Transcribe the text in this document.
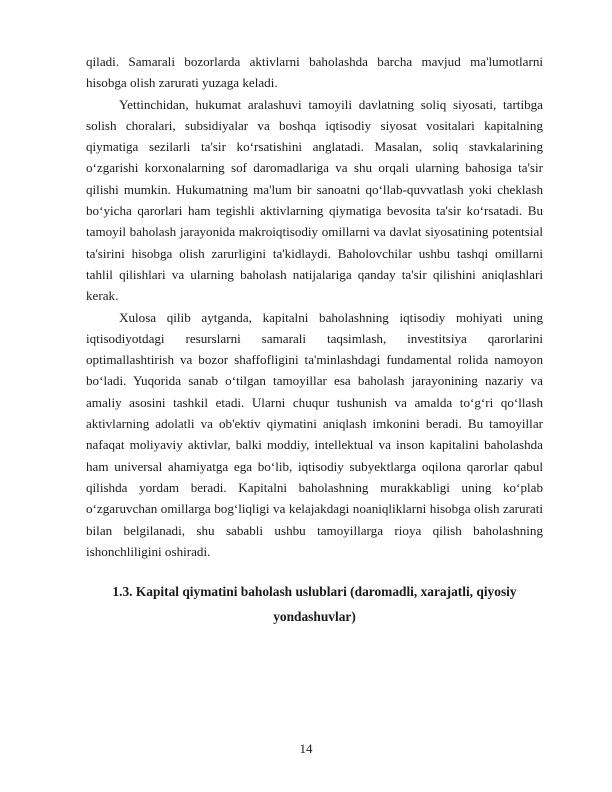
qiladi. Samarali bozorlarda aktivlarni baholashda barcha mavjud ma'lumotlarni hisobga olish zarurati yuzaga keladi.

Yettinchidan, hukumat aralashuvi tamoyili davlatning soliq siyosati, tartibga solish choralari, subsidiyalar va boshqa iqtisodiy siyosat vositalari kapitalning qiymatiga sezilarli ta'sir koʻrsatishini anglatadi. Masalan, soliq stavkalarining oʻzgarishi korxonalarning sof daromadlariga va shu orqali ularning bahosiga ta'sir qilishi mumkin. Hukumatning ma'lum bir sanoatni qoʻllab-quvvatlash yoki cheklash boʻyicha qarorlari ham tegishli aktivlarning qiymatiga bevosita ta'sir koʻrsatadi. Bu tamoyil baholash jarayonida makroiqtisodiy omillarni va davlat siyosatining potentsial ta'sirini hisobga olish zarurligini ta'kidlaydi. Baholovchilar ushbu tashqi omillarni tahlil qilishlari va ularning baholash natijalariga qanday ta'sir qilishini aniqlashlari kerak.

Xulosa qilib aytganda, kapitalni baholashning iqtisodiy mohiyati uning iqtisodiyotdagi resurslarni samarali taqsimlash, investitsiya qarorlarini optimallashtirish va bozor shaffofligini ta'minlashdagi fundamental rolida namoyon boʻladi. Yuqorida sanab oʻtilgan tamoyillar esa baholash jarayonining nazariy va amaliy asosini tashkil etadi. Ularni chuqur tushunish va amalda toʻgʻri qoʻllash aktivlarning adolatli va ob'ektiv qiymatini aniqlash imkonini beradi. Bu tamoyillar nafaqat moliyaviy aktivlar, balki moddiy, intellektual va inson kapitalini baholashda ham universal ahamiyatga ega boʻlib, iqtisodiy subyektlarga oqilona qarorlar qabul qilishda yordam beradi. Kapitalni baholashning murakkabligi uning koʻplab oʻzgaruvchan omillarga bogʻliqligi va kelajakdagi noaniqliklarni hisobga olish zarurati bilan belgilanadi, shu sababli ushbu tamoyillarga rioya qilish baholashning ishonchliligini oshiradi.

1.3. Kapital qiymatini baholash uslublari (daromadli, xarajatli, qiyosiy yondashuvlar)
14
